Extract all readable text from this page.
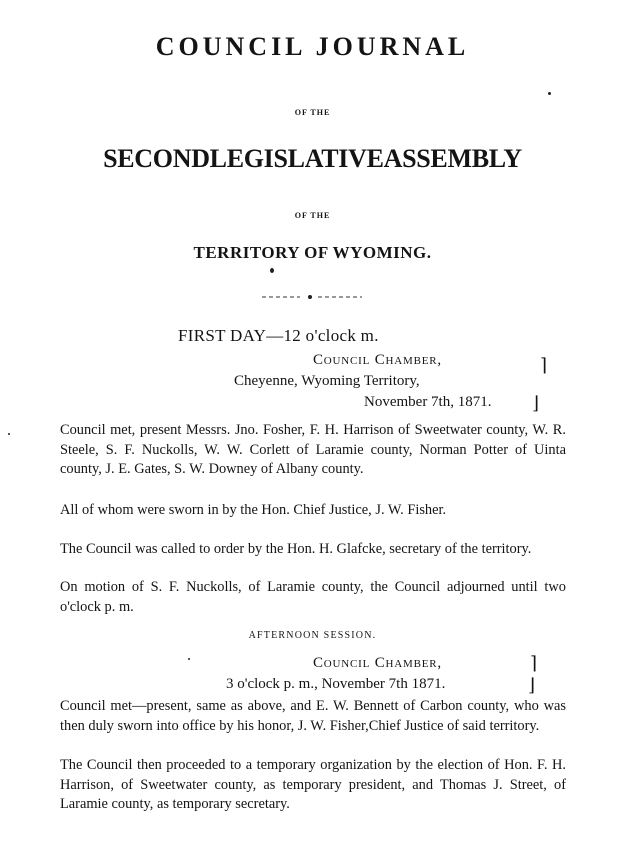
COUNCIL JOURNAL
OF THE
SECONDLEGISLATIVEASSEMBLY
OF THE
TERRITORY OF WYOMING.
FIRST DAY—12 o'clock m.
Council Chamber,
Cheyenne, Wyoming Territory,
November 7th, 1871.
⌉
⌋
Council met, present Messrs. Jno. Fosher, F. H. Harrison of Sweetwater county, W. R. Steele, S. F. Nuckolls, W. W. Corlett of Laramie county, Norman Potter of Uinta county, J. E. Gates, S. W. Downey of Albany county.
All of whom were sworn in by the Hon. Chief Justice, J. W. Fisher.
The Council was called to order by the Hon. H. Glafcke, secretary of the territory.
On motion of S. F. Nuckolls, of Laramie county, the Council adjourned until two o'clock p. m.
AFTERNOON SESSION.
Council Chamber,
3 o'clock p. m., November 7th 1871.
⌉
⌋
Council met—present, same as above, and E. W. Bennett of Carbon county, who was then duly sworn into office by his honor, J. W. Fisher,Chief Justice of said territory.
The Council then proceeded to a temporary organization by the election of Hon. F. H. Harrison, of Sweetwater county, as temporary president, and Thomas J. Street, of Laramie county, as temporary secretary.
